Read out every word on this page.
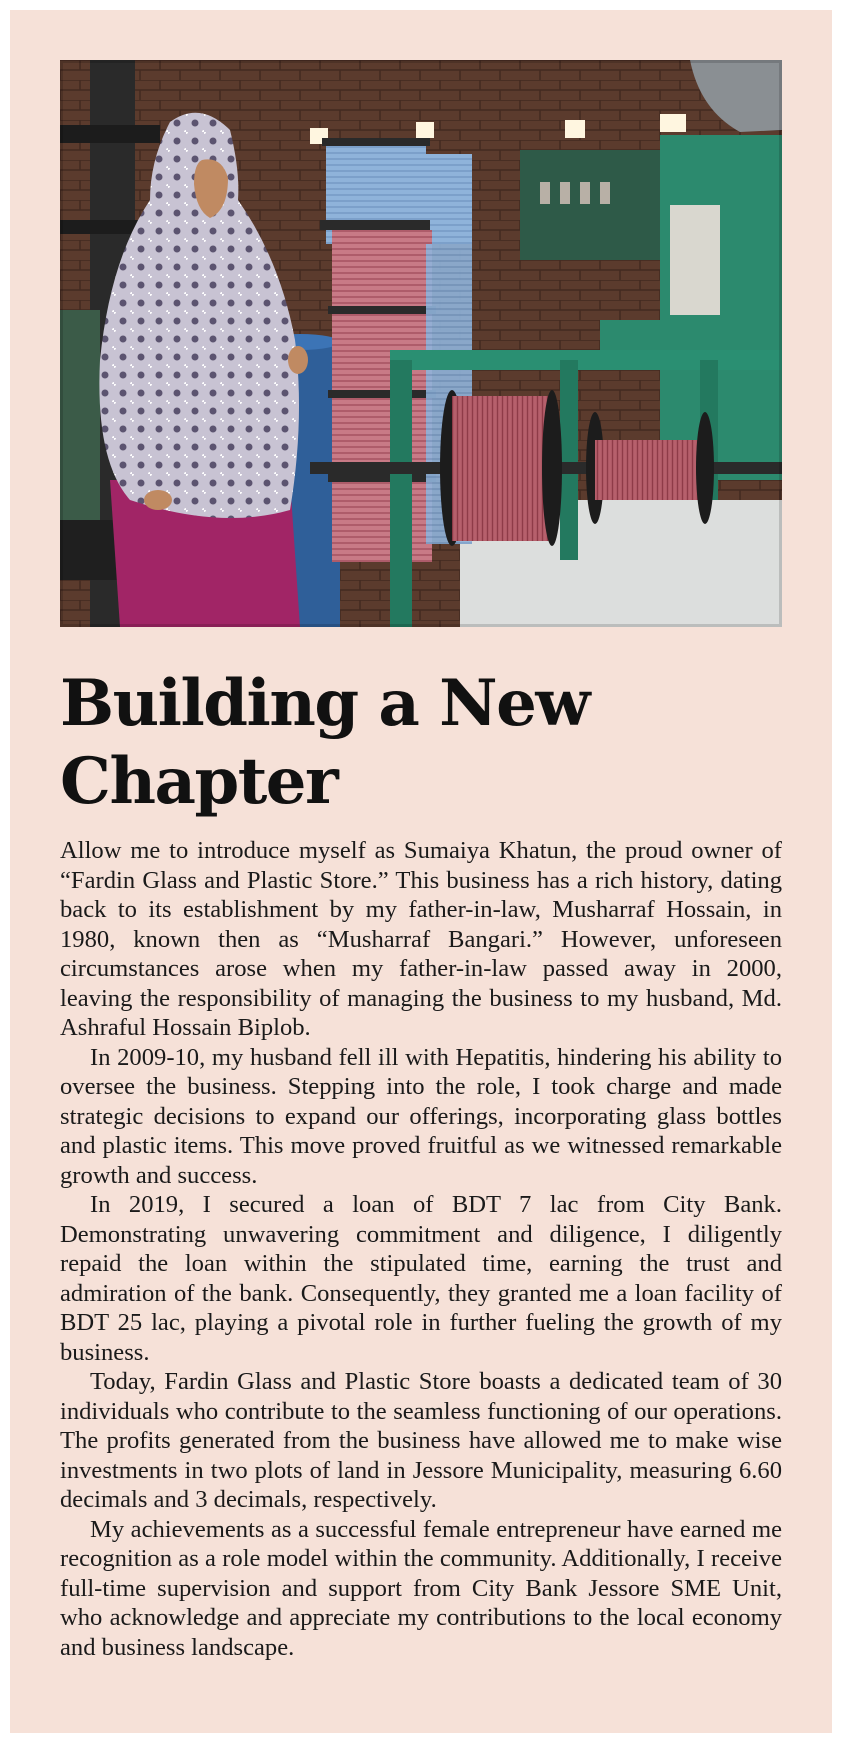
Building a New Chapter

Allow me to introduce myself as Sumaiya Khatun, the proud owner of “Fardin Glass and Plastic Store.” This business has a rich history, dating back to its establishment by my father-in-law, Musharraf Hossain, in 1980, known then as “Musharraf Bangari.” However, unforeseen circumstances arose when my father-in-law passed away in 2000, leaving the responsibility of managing the business to my husband, Md. Ashraful Hossain Biplob.

In 2009-10, my husband fell ill with Hepatitis, hindering his ability to oversee the business. Stepping into the role, I took charge and made strategic decisions to expand our offerings, incorporating glass bottles and plastic items. This move proved fruitful as we witnessed remarkable growth and success.

In 2019, I secured a loan of BDT 7 lac from City Bank. Demonstrating unwavering commitment and diligence, I diligently repaid the loan within the stipulated time, earning the trust and admiration of the bank. Consequently, they granted me a loan facility of BDT 25 lac, playing a pivotal role in further fueling the growth of my business.

Today, Fardin Glass and Plastic Store boasts a dedicated team of 30 individuals who contribute to the seamless functioning of our operations. The profits generated from the business have allowed me to make wise investments in two plots of land in Jessore Municipality, measuring 6.60 decimals and 3 decimals, respectively.

My achievements as a successful female entrepreneur have earned me recognition as a role model within the community. Additionally, I receive full-time supervision and support from City Bank Jessore SME Unit, who acknowledge and appreciate my contributions to the local economy and business landscape.
